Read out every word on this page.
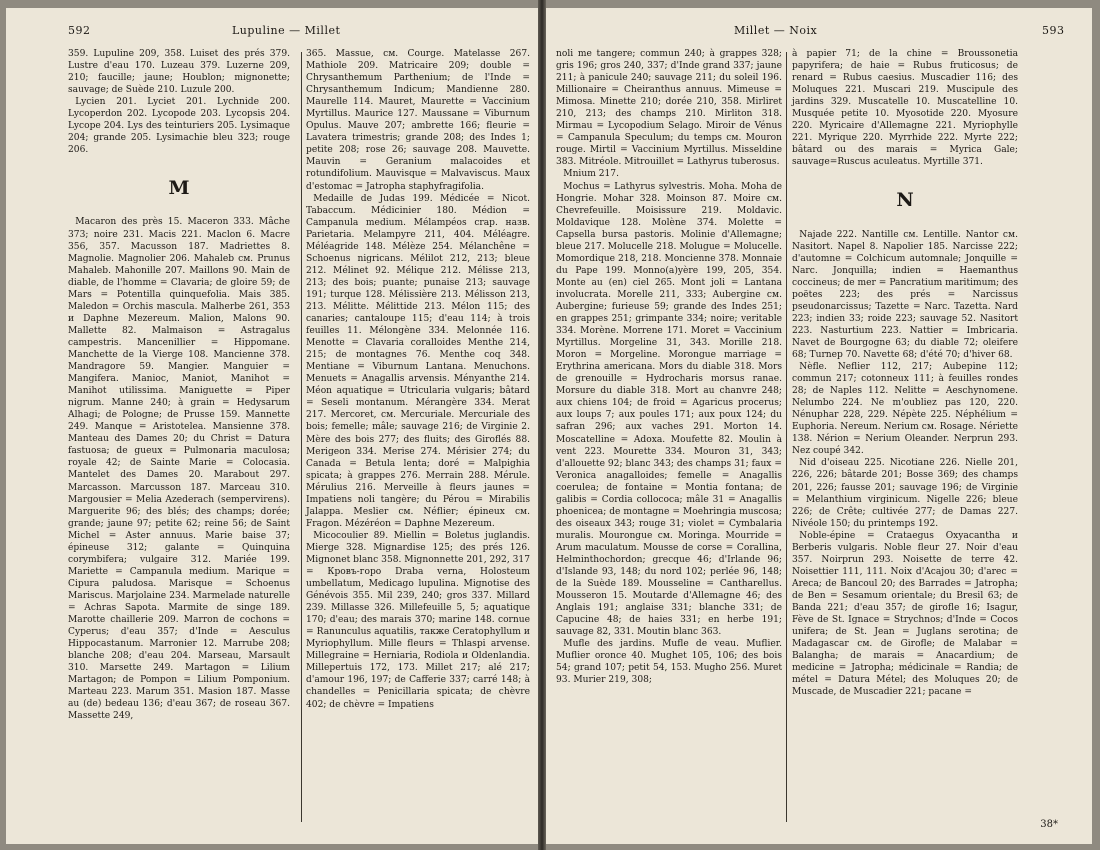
592	Lupuline — Millet

359. Lupuline 209, 358. Luiset des prés 379. Lustre d'eau 170. Luzeau 379. Luzerne 209, 210; faucille; jaune; Houblon; mignonette; sauvage; de Suède 210. Luzule 200.

Lycien 201. Lyciet 201. Lychnide 200. Lycoperdon 202. Lycopode 203. Lycopsis 204. Lycope 204. Lys des teinturiers 205. Lysimaque 204; grande 205. Lysimachie bleu 323; rouge 206.

M

Macaron des près 15. Maceron 333. Mâche 373; noire 231. Macis 221. Maclon 6. Macre 356, 357. Macusson 187. Madriettes 8. Magnolie. Magnolier 206. Mahaleb cм. Prunus Mahaleb. Mahonille 207. Maillons 90. Main de diable, de l'homme = Clavaria; de gloire 59; de Mars = Potentilla quinquefolia. Mais 385. Maledon = Orchis mascula. Malherbe 261, 353 и Daphne Mezereum. Malion, Malons 90. Mallette 82. Malmaison = Astragalus campestris. Mancenillier = Hippomane. Manchette de la Vierge 108. Mancienne 378. Mandragore 59. Mangier. Manguier = Mangifera. Manioc, Maniot, Manihot = Manihot utilissima. Maniguette = Piper nigrum. Manne 240; à grain = Hedysarum Alhagi; de Pologne; de Prusse 159. Mannette 249. Manque = Aristotelea. Mansienne 378. Manteau des Dames 20; du Christ = Datura fastuosa; de gueux = Pulmonaria maculosa; royale 42; de Sainte Marie = Colocasia. Mantelet des Dames 20. Marabout 297. Marcasson. Marcusson 187. Marceau 310. Margousier = Melia Azederach (sempervirens). Marguerite 96; des blés; des champs; dorée; grande; jaune 97; petite 62; reine 56; de Saint Michel = Aster annuus. Marie baise 37; épineuse 312; galante = Quinquina corymbifera; vulgaire 312. Mariée 199. Mariette = Campanula medium. Marique = Cipura paludosa. Marisque = Schoenus Mariscus. Marjolaine 234. Marmelade naturelle = Achras Sapota. Marmite de singe 189. Marotte chaillerie 209. Marron de cochons = Cyperus; d'eau 357; d'Inde = Aesculus Hippocastanum. Marronier 12. Marrube 208; blanche 208; d'eau 204. Marseau, Marsault 310. Marsette 249. Martagon = Lilium Martagon; de Pompon = Lilium Pomponium. Marteau 223. Marum 351. Masion 187. Masse au (de) bedeau 136; d'eau 367; de roseau 367. Massette 249,

365. Massue, cм. Courge. Matelasse 267. Mathiole 209. Matricaire 209; double = Chrysanthemum Parthenium; de l'Inde = Chrysanthemum Indicum; Mandienne 280. Maurelle 114. Mauret, Maurette = Vaccinium Myrtillus. Maurice 127. Maussane = Viburnum Opulus. Mauve 207; ambrette 166; fleurie = Lavatera trimestris; grande 208; des Indes 1; petite 208; rose 26; sauvage 208. Mauvette. Mauvin = Geranium malacoides et rotundifolium. Mauvisque = Malvaviscus. Maux d'estomac = Jatropha staphyfragifolia.

Medaille de Judas 199. Médicée = Nicot. Tabaccum. Médicinier 180. Médion = Campanula medium. Mélampéos crap. назв. Parietaria. Melampyre 211, 404. Méléagre. Méléagride 148. Mélèze 254. Mélanchêne = Schoenus nigricans. Mélilot 212, 213; bleue 212. Mélinet 92. Mélique 212. Mélisse 213, 213; des bois; puante; punaise 213; sauvage 191; turque 128. Mélissière 213. Mélisson 213, 213. Mélitte. Mélittide 213. Mélon 115; des canaries; cantaloupe 115; d'eau 114; à trois feuilles 11. Mélongène 334. Melonnée 116. Menotte = Clavaria coralloides Menthe 214, 215; de montagnes 76. Menthe coq 348. Mentiane = Viburnum Lantana. Menuchons. Menuets = Anagallis arvensis. Ményanthe 214. Méon aquatique = Utricularia vulgaris; bâtard = Seseli montanum. Mérangère 334. Merat 217. Mercoret, cм. Mercuriale. Mercuriale des bois; femelle; mâle; sauvage 216; de Virginie 2. Mère des bois 277; des fluits; des Giroflés 88. Merigeon 334. Merise 274. Mérisier 274; du Canada = Betula lenta; doré = Malpighia spicata; à grappes 276. Merrain 288. Mérule. Mérulius 216. Merveille à fleurs jaunes = Impatiens noli tangère; du Pérou = Mirabilis Jalappa. Meslier cм. Néflier; épineux cм. Fragon. Mézéréon = Daphne Mezereum.

Micocoulier 89. Miellin = Boletus juglandis. Mierge 328. Mignardise 125; des prés 126. Mignonet blanc 358. Mignonnette 201, 292, 317 = Кровъ-горо Draba verna, Holosteum umbellatum, Medicago lupulina. Mignotise des Génévois 355. Mil 239, 240; gros 337. Millard 239. Millasse 326. Millefeuille 5, 5; aquatique 170; d'eau; des marais 370; marine 148. cornue = Ranunculus aquatilis, также Ceratophyllum и Myriophyllum. Mille fleurs = Thlaspi arvense. Millegraine = Herniaria, Rodiola и Oldenlandia. Millepertuis 172, 173. Millet 217; alé 217; d'amour 196, 197; de Cafferie 337; carré 148; à chandelles = Penicillaria spicata; de chèvre 402; de chèvre = Impatiens

Millet — Noix	593

noli me tangere; commun 240; à grappes 328; gris 196; gros 240, 337; d'Inde grand 337; jaune 211; à panicule 240; sauvage 211; du soleil 196. Millionaire = Cheiranthus annuus. Mimeuse = Mimosa. Minette 210; dorée 210, 358. Mirliret 210, 213; des champs 210. Mirliton 318. Mirmau = Lycopodium Selago. Miroir de Vénus = Campanula Speculum; du temps cм. Mouron rouge. Mirtil = Vaccinium Myrtillus. Misseldine 383. Mitréole. Mitrouillet = Lathyrus tuberosus.

Mnium 217.

Mochus = Lathyrus sylvestris. Moha. Moha de Hongrie. Mohar 328. Moinson 87. Moire cм. Chevrefeuille. Moisissure 219. Moldavic. Moldavique 128. Molène 374. Molette = Capsella bursa pastoris. Molinie d'Allemagne; bleue 217. Molucelle 218. Molugue = Molucelle. Momordique 218, 218. Moncienne 378. Monnaie du Pape 199. Monno(a)yère 199, 205, 354. Monte au (en) ciel 265. Mont joli = Lantana involucrata. Morelle 211, 333; Aubergine cм. Aubergine; furieuse 59; grande des Indes 251; en grappes 251; grimpante 334; noire; veritable 334. Morène. Morrene 171. Moret = Vaccinium Myrtillus. Morgeline 31, 343. Morille 218. Moron = Morgeline. Morongue marriage = Erythrina americana. Mors du diable 318. Mors de grenouille = Hydrocharis morsus ranae. Morsure du diable 318. Mort au chanvre 248; aux chiens 104; de froid = Agaricus procerus; aux loups 7; aux poules 171; aux poux 124; du safran 296; aux vaches 291. Morton 14. Moscatelline = Adoxa. Moufette 82. Moulin à vent 223. Mourette 334. Mouron 31, 343; d'allouette 92; blanc 343; des champs 31; faux = Veronica anagalloides; femelle = Anagallis coerulea; de fontaine = Montia fontana; de galibis = Cordia collococa; mâle 31 = Anagallis phoenicea; de montagne = Moehringia muscosa; des oiseaux 343; rouge 31; violet = Cymbalaria muralis. Mourongue cм. Moringa. Mourride = Arum maculatum. Mousse de corse = Corallina, Helminthochordon; grecque 46; d'Irlande 96; d'Islande 93, 148; du nord 102; perlée 96, 148; de la Suède 189. Mousseline = Cantharellus. Mousseron 15. Moutarde d'Allemagne 46; des Anglais 191; anglaise 331; blanche 331; de Capucine 48; de haies 331; en herbe 191; sauvage 82, 331. Moutin blanc 363.

Mufle des jardins. Mufle de veau. Muflier. Muflier oronce 40. Mughet 105, 106; des bois 54; grand 107; petit 54, 153. Mugho 256. Muret 93. Murier 219, 308;

à papier 71; de la chine = Broussonetia papyrifera; de haie = Rubus fruticosus; de renard = Rubus caesius. Muscadier 116; des Moluques 221. Muscari 219. Muscipule des jardins 329. Muscatelle 10. Muscatelline 10. Musquée petite 10. Myosotide 220. Myosure 220. Myricaire d'Allemagne 221. Myriophylle 221. Myrique 220. Myrrhide 222. Myrte 222; bâtard ou des marais = Myrica Gale; sauvage=Ruscus aculeatus. Myrtille 371.

N

Najade 222. Nantille cм. Lentille. Nantor cм. Nasitort. Napel 8. Napolier 185. Narcisse 222; d'automne = Colchicum automnale; Jonquille = Narc. Jonquilla; indien = Haemanthus coccineus; de mer = Pancratium maritimum; des poëtes 223; des prés = Narcissus pseudonarcissus; Tazette = Narc. Tazetta. Nard 223; indien 33; roide 223; sauvage 52. Nasitort 223. Nasturtium 223. Nattier = Imbricaria. Navet de Bourgogne 63; du diable 72; oleifere 68; Turnep 70. Navette 68; d'été 70; d'hiver 68.

Nèfle. Neflier 112, 217; Aubepine 112; commun 217; cotonneux 111; à feuilles rondes 28; de Naples 112. Nelitte = Aeschynomene. Nelumbo 224. Ne m'oubliez pas 120, 220. Nénuphar 228, 229. Népète 225. Néphélium = Euphoria. Nereum. Nerium cм. Rosage. Nériette 138. Nérion = Nerium Oleander. Nerprun 293. Nez coupé 342.

Nid d'oiseau 225. Nicotiane 226. Nielle 201, 226, 226; bâtarde 201; Bosse 369; des champs 201, 226; fausse 201; sauvage 196; de Virginie = Melanthium virginicum. Nigelle 226; bleue 226; de Crête; cultivée 277; de Damas 227. Nivéole 150; du printemps 192.

Noble-épine = Crataegus Oxyacantha и Berberis vulgaris. Noble fleur 27. Noir d'eau 357. Noirprun 293. Noisette de terre 42. Noisettier 111, 111. Noix d'Acajou 30; d'arec = Areca; de Bancoul 20; des Barrades = Jatropha; de Ben = Sesamum orientale; du Bresil 63; de Banda 221; d'eau 357; de girofle 16; Isagur, Fève de St. Ignace = Strychnos; d'Inde = Cocos unifera; de St. Jean = Juglans serotina; de Madagascar cм. de Girofle; de Malabar = Balangha; de marais = Anacardium; de medicine = Jatropha; médicinale = Randia; de métel = Datura Métel; des Moluques 20; de Muscade, de Muscadier 221; pacane =

38*
